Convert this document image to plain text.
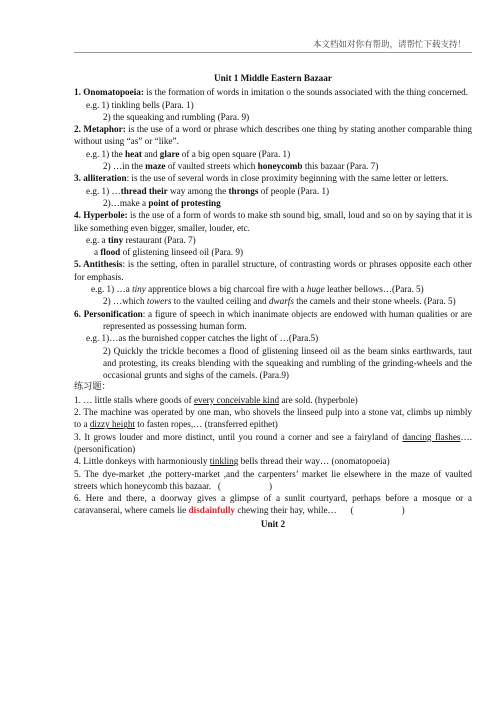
本文档如对你有帮助，请帮忙下载支持！

Unit 1 Middle Eastern Bazaar

1. Onomatopoeia: is the formation of words in imitation o the sounds associated with the thing concerned.

e.g. 1) tinkling bells (Para. 1)

2) the squeaking and rumbling (Para. 9)

2. Metaphor: is the use of a word or phrase which describes one thing by stating another comparable thing without using “as” or “like”.

e.g. 1) the heat and glare of a big open square (Para. 1)

2) …in the maze of vaulted streets which honeycomb this bazaar (Para. 7)

3. alliteration: is the use of several words in close proximity beginning with the same letter or letters.

e.g. 1) …thread their way among the throngs of people (Para. 1)

2)…make a point of protesting

4. Hyperbole: is the use of a form of words to make sth sound big, small, loud and so on by saying that it is like something even bigger, smaller, louder, etc.

e.g. a tiny restaurant (Para. 7)

a flood of glistening linseed oil (Para. 9)

5. Antithesis: is the setting, often in parallel structure, of contrasting words or phrases opposite each other for emphasis.

e.g. 1) …a tiny apprentice blows a big charcoal fire with a huge leather bellows…(Para. 5)

2) …which towers to the vaulted ceiling and dwarfs the camels and their stone wheels. (Para. 5)

6. Personification: a figure of speech in which inanimate objects are endowed with human qualities or are represented as possessing human form.

e.g. 1)…as the burnished copper catches the light of …(Para.5)

2) Quickly the trickle becomes a flood of glistening linseed oil as the beam sinks earthwards, taut and protesting, its creaks blending with the squeaking and rumbling of the grinding-wheels and the occasional grunts and sighs of the camels. (Para.9)

练习题：

1. … little stalls where goods of every conceivable kind are sold. (hyperbole)

2. The machine was operated by one man, who shovels the linseed pulp into a stone vat, climbs up nimbly to a dizzy height to fasten ropes,… (transferred epithet)

3. It grows louder and more distinct, until you round a corner and see a fairyland of dancing flashes…. (personification)

4. Little donkeys with harmoniously tinkling bells thread their way… (onomatopoeia)

5. The dye-market ,the pottery-market ,and the carpenters’ market lie elsewhere in the maze of vaulted streets which honeycomb this bazaar. (	)

6. Here and there, a doorway gives a glimpse of a sunlit courtyard, perhaps before a mosque or a caravanserai, where camels lie disdainfully chewing their hay, while… (	)

Unit 2
